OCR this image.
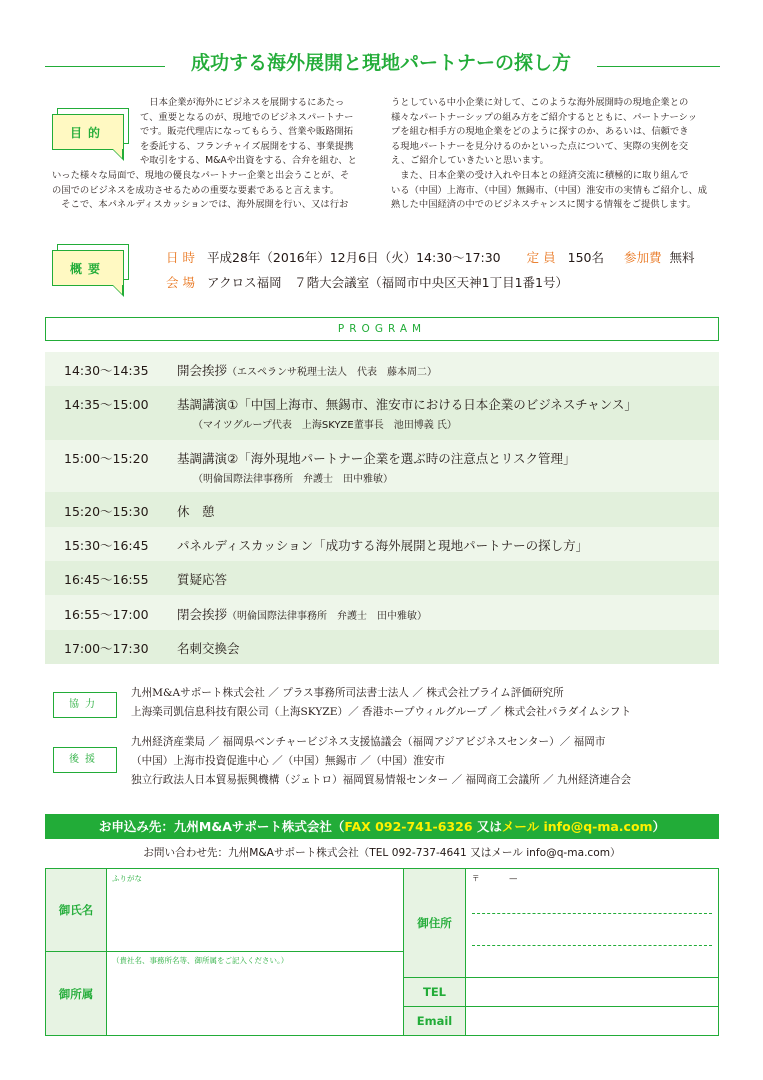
成功する海外展開と現地パートナーの探し方
目的
　日本企業が海外にビジネスを展開するにあたっ
て、重要となるのが、現地でのビジネスパートナー
です。販売代理店になってもらう、営業や販路開拓
を委託する、フランチャイズ展開をする、事業提携
や取引をする、M&Aや出資をする、合弁を組む、と
いった様々な局面で、現地の優良なパートナー企業と出会うことが、そ
の国でのビジネスを成功させるための重要な要素であると言えます。
　そこで、本パネルディスカッションでは、海外展開を行い、又は行お
うとしている中小企業に対して、このような海外展開時の現地企業との
様々なパートナーシップの組み方をご紹介するとともに、パートナーシッ
プを組む相手方の現地企業をどのように探すのか、あるいは、信頼でき
る現地パートナーを見分けるのかといった点について、実際の実例を交
え、ご紹介していきたいと思います。
　また、日本企業の受け入れや日本との経済交流に積極的に取り組んで
いる（中国）上海市、（中国）無錫市、（中国）淮安市の実情もご紹介し、成
熟した中国経済の中でのビジネスチャンスに関する情報をご提供します。
概要
日時 平成28年（2016年）12月6日（火）14:30〜17:30 定員 150名 参加費 無料
会場 アクロス福岡　７階大会議室（福岡市中央区天神1丁目1番1号）
PROGRAM
14:30〜14:35 開会挨拶（エスペランサ税理士法人　代表　藤本周二）
14:35〜15:00 基調講演①「中国上海市、無錫市、淮安市における日本企業のビジネスチャンス」
（マイツグループ代表　上海SKYZE董事長　池田博義 氏）
15:00〜15:20 基調講演②「海外現地パートナー企業を選ぶ時の注意点とリスク管理」
（明倫国際法律事務所　弁護士　田中雅敏）
15:20〜15:30 休　憩
15:30〜16:45 パネルディスカッション「成功する海外展開と現地パートナーの探し方」
16:45〜16:55 質疑応答
16:55〜17:00 閉会挨拶（明倫国際法律事務所　弁護士　田中雅敏）
17:00〜17:30 名刺交換会
協力
九州M&Aサポート株式会社 ／ プラス事務所司法書士法人 ／ 株式会社プライム評価研究所
上海楽司凱信息科技有限公司（上海SKYZE）／ 香港ホープウィルグループ ／ 株式会社パラダイムシフト
後援
九州経済産業局 ／ 福岡県ベンチャービジネス支援協議会（福岡アジアビジネスセンター）／ 福岡市
（中国）上海市投資促進中心 ／（中国）無錫市 ／（中国）淮安市
独立行政法人日本貿易振興機構（ジェトロ）福岡貿易情報センター ／ 福岡商工会議所 ／ 九州経済連合会
お申込み先：九州M&Aサポート株式会社（FAX 092-741-6326 又はメール info@q-ma.com）
お問い合わせ先：九州M&Aサポート株式会社（TEL 092-737-4641 又はメール info@q-ma.com）
御氏名
御所属
ふりがな
（貴社名、事務所名等、御所属をご記入ください。）
御住所
TEL
Email
〒　　　　―
